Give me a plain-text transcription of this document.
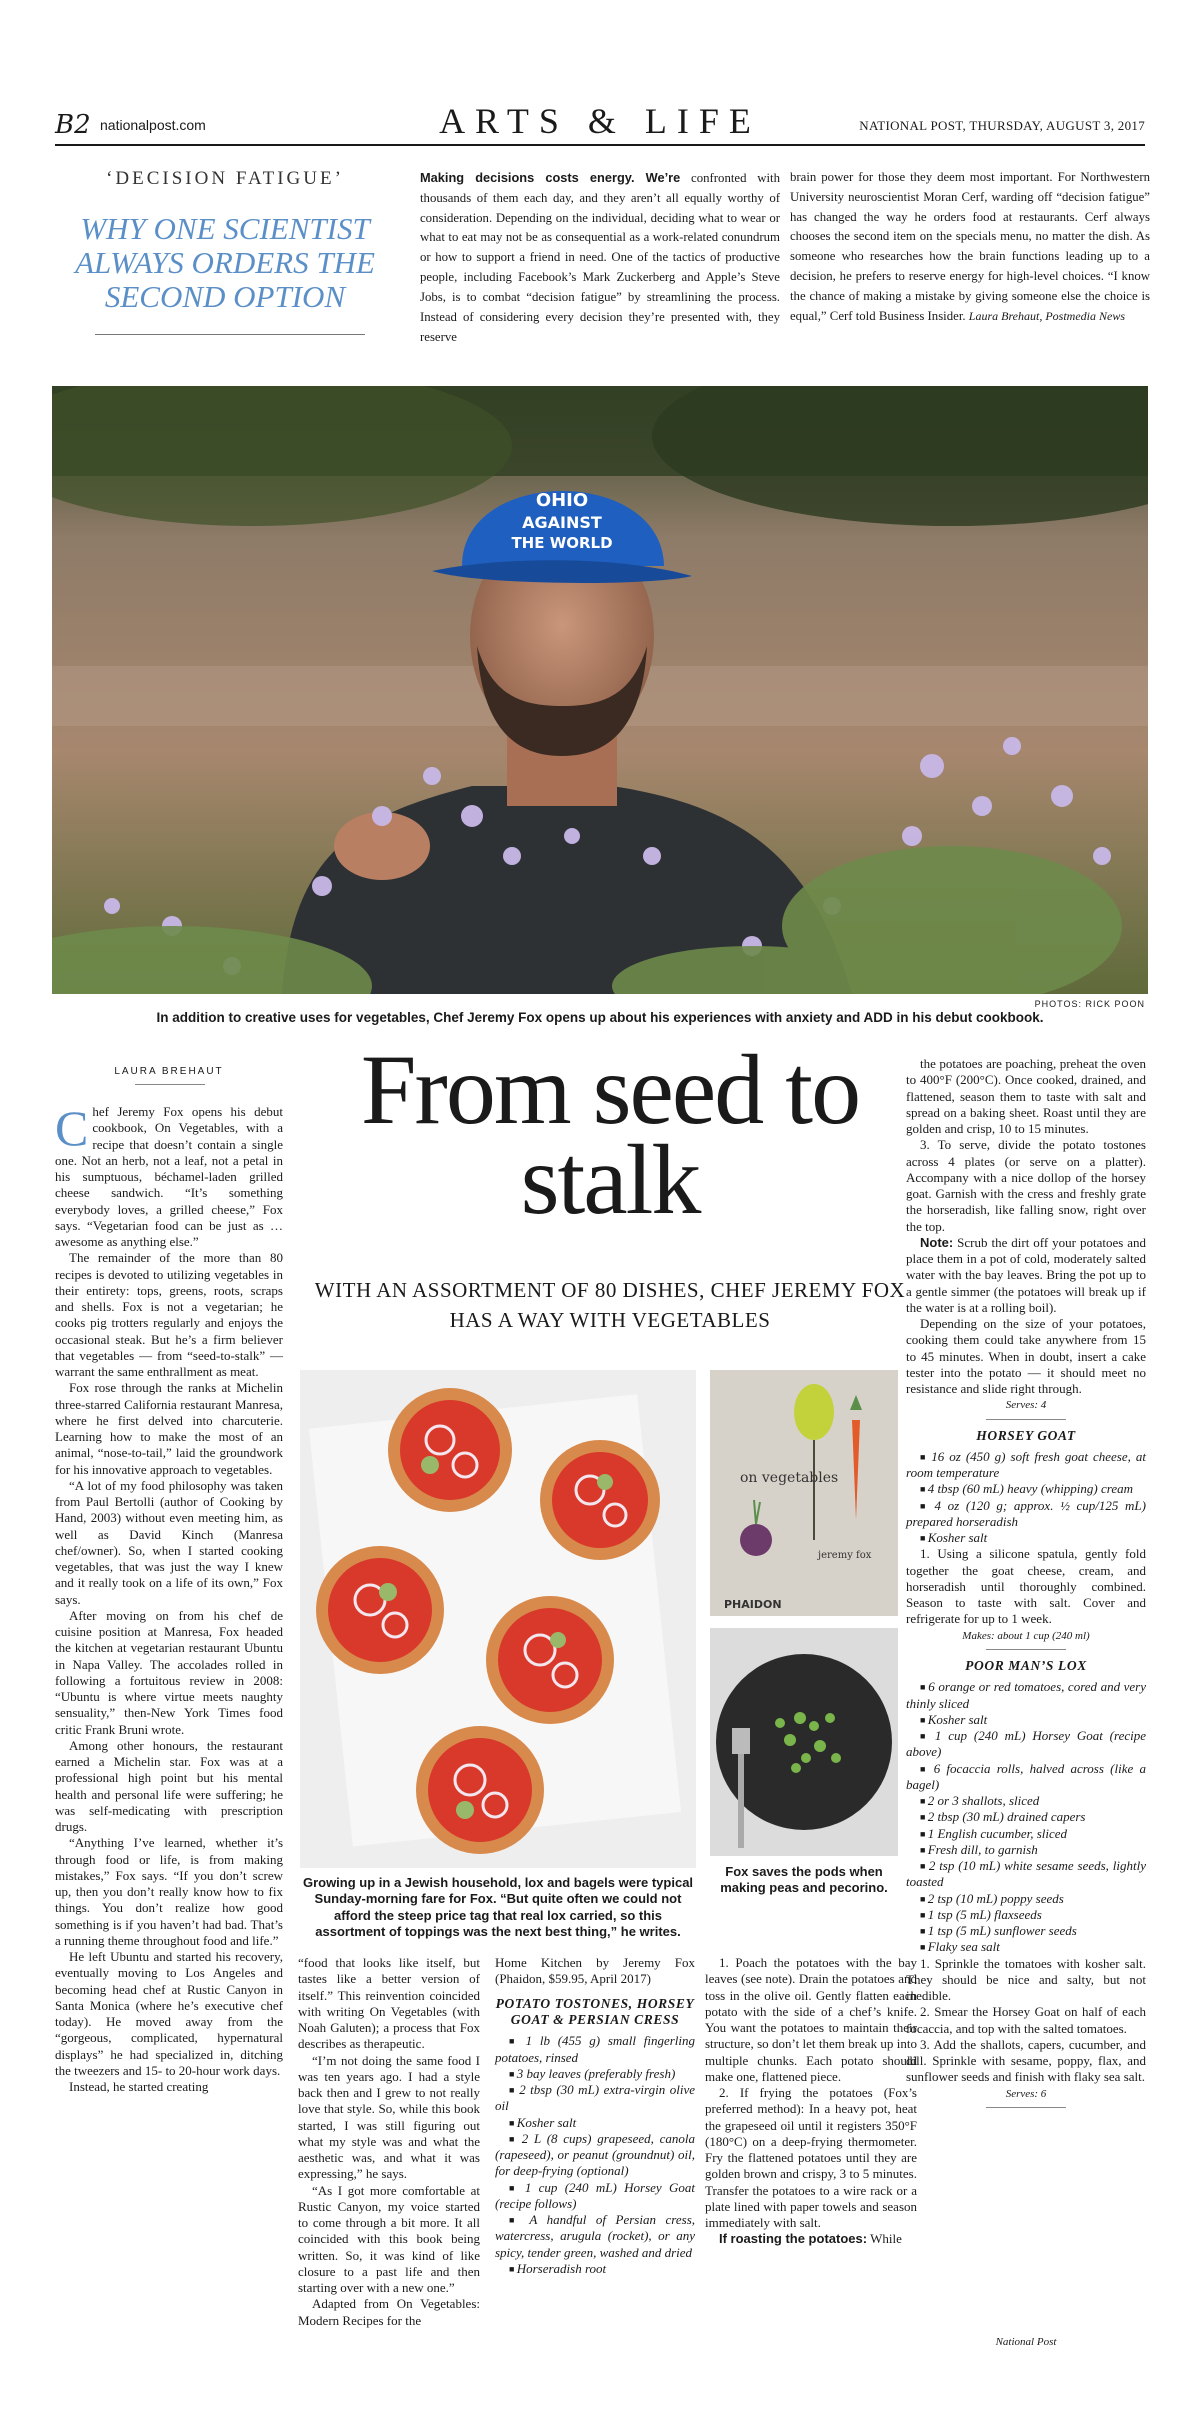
B2 nationalpost.com	ARTS & LIFE	NATIONAL POST, THURSDAY, AUGUST 3, 2017
‘DECISION FATIGUE’
WHY ONE SCIENTIST ALWAYS ORDERS THE SECOND OPTION
Making decisions costs energy. We’re confronted with thousands of them each day, and they aren’t all equally worthy of consideration. Depending on the individual, deciding what to wear or what to eat may not be as consequential as a work-related conundrum or how to support a friend in need. One of the tactics of productive people, including Facebook’s Mark Zuckerberg and Apple’s Steve Jobs, is to combat “decision fatigue” by streamlining the process. Instead of considering every decision they’re presented with, they reserve
brain power for those they deem most important. For Northwestern University neuroscientist Moran Cerf, warding off “decision fatigue” has changed the way he orders food at restaurants. Cerf always chooses the second item on the specials menu, no matter the dish. As someone who researches how the brain functions leading up to a decision, he prefers to reserve energy for high-level choices. “I know the chance of making a mistake by giving someone else the choice is equal,” Cerf told Business Insider. Laura Brehaut, Postmedia News
OHIO
AGAINST
THE WORLD
PHOTOS: RICK POON
In addition to creative uses for vegetables, Chef Jeremy Fox opens up about his experiences with anxiety and ADD in his debut cookbook.
LAURA BREHAUT	From seed to stalk
WITH AN ASSORTMENT OF 80 DISHES, CHEF JEREMY FOX HAS A WAY WITH VEGETABLES

Chef Jeremy Fox opens his debut cookbook, On Vegetables, with a recipe that doesn’t contain a single one. Not an herb, not a leaf, not a petal in his sumptuous, béchamel-laden grilled cheese sandwich. “It’s something everybody loves, a grilled cheese,” Fox says. “Vegetarian food can be just as … awesome as anything else.”

The remainder of the more than 80 recipes is devoted to utilizing vegetables in their entirety: tops, greens, roots, scraps and shells. Fox is not a vegetarian; he cooks pig trotters regularly and enjoys the occasional steak. But he’s a firm believer that vegetables — from “seed-to-stalk” — warrant the same enthrallment as meat.

Fox rose through the ranks at Michelin three-starred California restaurant Manresa, where he first delved into charcuterie. Learning how to make the most of an animal, “nose-to-tail,” laid the groundwork for his innovative approach to vegetables.

“A lot of my food philosophy was taken from Paul Bertolli (author of Cooking by Hand, 2003) without even meeting him, as well as David Kinch (Manresa chef/owner). So, when I started cooking vegetables, that was just the way I knew and it really took on a life of its own,” Fox says.

After moving on from his chef de cuisine position at Manresa, Fox headed the kitchen at vegetarian restaurant Ubuntu in Napa Valley. The accolades rolled in following a fortuitous review in 2008: “Ubuntu is where virtue meets naughty sensuality,” then-New York Times food critic Frank Bruni wrote.

Among other honours, the restaurant earned a Michelin star. Fox was at a professional high point but his mental health and personal life were suffering; he was self-medicating with prescription drugs.

“Anything I’ve learned, whether it’s through food or life, is from making mistakes,” Fox says. “If you don’t screw up, then you don’t really know how to fix things. You don’t realize how good something is if you haven’t had bad. That’s a running theme throughout food and life.”

He left Ubuntu and started his recovery, eventually moving to Los Angeles and becoming head chef at Rustic Canyon in Santa Monica (where he’s executive chef today). He moved away from the “gorgeous, complicated, hypernatural displays” he had specialized in, ditching the tweezers and 15- to 20-hour work days.

Instead, he started creating

Growing up in a Jewish household, lox and bagels were typical Sunday-morning fare for Fox. “But quite often we could not afford the steep price tag that real lox carried, so this assortment of toppings was the next best thing,” he writes.
on vegetables
jeremy fox
PHAIDON
Fox saves the pods when making peas and pecorino.

“food that looks like itself, but tastes like a better version of itself.” This reinvention coincided with writing On Vegetables (with Noah Galuten); a process that Fox describes as therapeutic.

“I’m not doing the same food I was ten years ago. I had a style back then and I grew to not really love that style. So, while this book started, I was still figuring out what my style was and what the aesthetic was, and what it was expressing,” he says.

“As I got more comfortable at Rustic Canyon, my voice started to come through a bit more. It all coincided with this book being written. So, it was kind of like closure to a past life and then starting over with a new one.”

Adapted from On Vegetables: Modern Recipes for the

Home Kitchen by Jeremy Fox (Phaidon, $59.95, April 2017)

POTATO TOSTONES, HORSEY GOAT & PERSIAN CRESS

■ 1 lb (455 g) small fingerling potatoes, rinsed

■ 3 bay leaves (preferably fresh)

■ 2 tbsp (30 mL) extra-virgin olive oil

■ Kosher salt

■ 2 L (8 cups) grapeseed, canola (rapeseed), or peanut (groundnut) oil, for deep-frying (optional)

■ 1 cup (240 mL) Horsey Goat (recipe follows)

■ A handful of Persian cress, watercress, arugula (rocket), or any spicy, tender green, washed and dried

■ Horseradish root

1. Poach the potatoes with the bay leaves (see note). Drain the potatoes and toss in the olive oil. Gently flatten each potato with the side of a chef’s knife. You want the potatoes to maintain their structure, so don’t let them break up into multiple chunks. Each potato should make one, flattened piece.

2. If frying the potatoes (Fox’s preferred method): In a heavy pot, heat the grapeseed oil until it registers 350°F (180°C) on a deep-frying thermometer. Fry the flattened potatoes until they are golden brown and crispy, 3 to 5 minutes. Transfer the potatoes to a wire rack or a plate lined with paper towels and season immediately with salt.

If roasting the potatoes: While

the potatoes are poaching, preheat the oven to 400°F (200°C). Once cooked, drained, and flattened, season them to taste with salt and spread on a baking sheet. Roast until they are golden and crisp, 10 to 15 minutes.

3. To serve, divide the potato tostones across 4 plates (or serve on a platter). Accompany with a nice dollop of the horsey goat. Garnish with the cress and freshly grate the horseradish, like falling snow, right over the top.

Note: Scrub the dirt off your potatoes and place them in a pot of cold, moderately salted water with the bay leaves. Bring the pot up to a gentle simmer (the potatoes will break up if the water is at a rolling boil).

Depending on the size of your potatoes, cooking them could take anywhere from 15 to 45 minutes. When in doubt, insert a cake tester into the potato — it should meet no resistance and slide right through.

Serves: 4
HORSEY GOAT

■ 16 oz (450 g) soft fresh goat cheese, at room temperature

■ 4 tbsp (60 mL) heavy (whipping) cream

■ 4 oz (120 g; approx. ½ cup/125 mL) prepared horseradish

■ Kosher salt

1. Using a silicone spatula, gently fold together the goat cheese, cream, and horseradish until thoroughly combined. Season to taste with salt. Cover and refrigerate for up to 1 week.

Makes: about 1 cup (240 ml)
POOR MAN’S LOX

■ 6 orange or red tomatoes, cored and very thinly sliced

■ Kosher salt

■ 1 cup (240 mL) Horsey Goat (recipe above)

■ 6 focaccia rolls, halved across (like a bagel)

■ 2 or 3 shallots, sliced

■ 2 tbsp (30 mL) drained capers

■ 1 English cucumber, sliced

■ Fresh dill, to garnish

■ 2 tsp (10 mL) white sesame seeds, lightly toasted

■ 2 tsp (10 mL) poppy seeds

■ 1 tsp (5 mL) flaxseeds

■ 1 tsp (5 mL) sunflower seeds

■ Flaky sea salt

1. Sprinkle the tomatoes with kosher salt. They should be nice and salty, but not inedible.

2. Smear the Horsey Goat on half of each focaccia, and top with the salted tomatoes.

3. Add the shallots, capers, cucumber, and dill. Sprinkle with sesame, poppy, flax, and sunflower seeds and finish with flaky sea salt.

Serves: 6
National Post
